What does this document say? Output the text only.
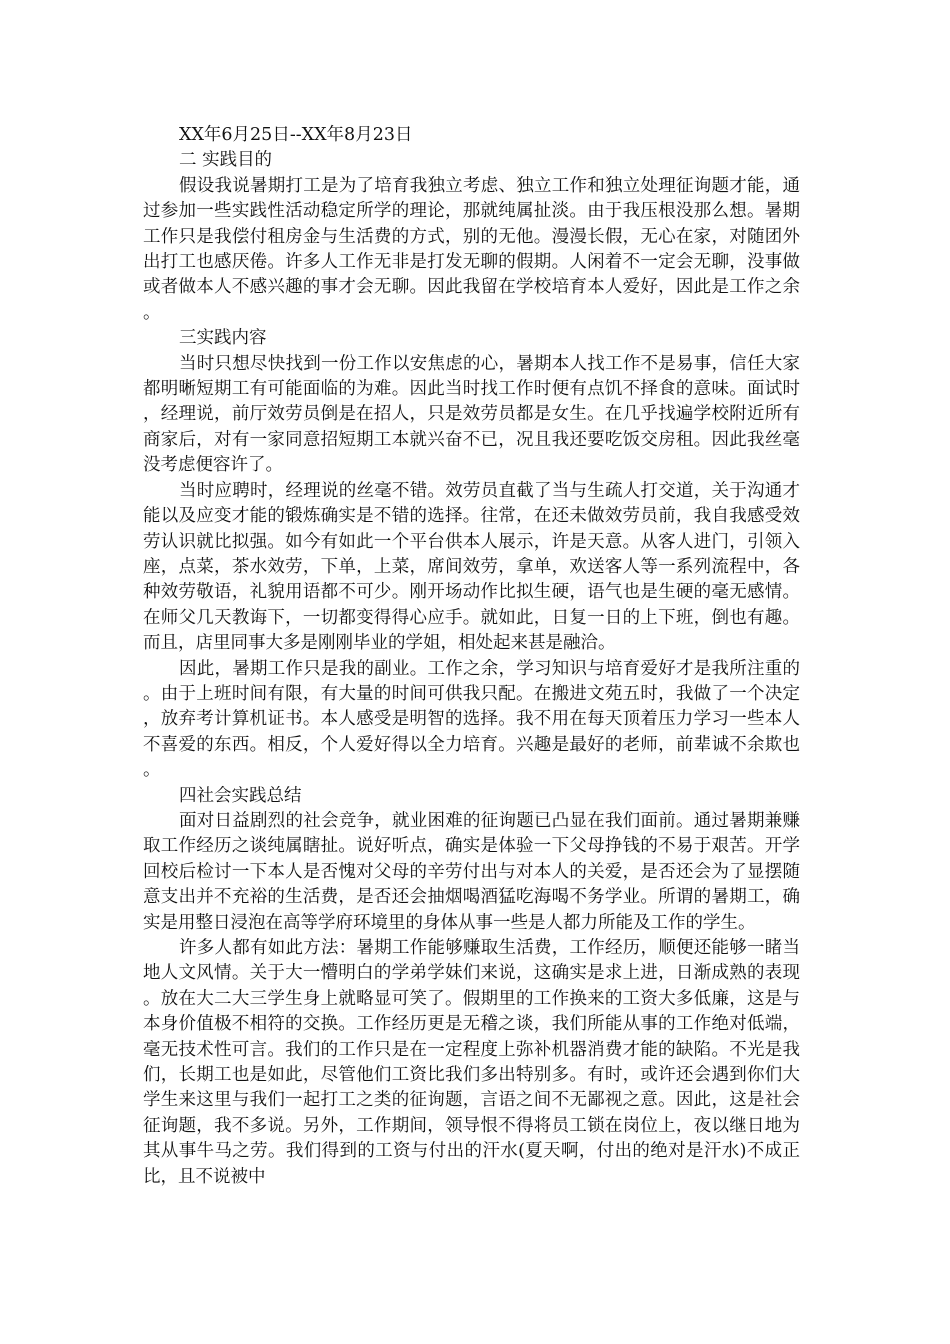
XX年6月25日--XX年8月23日

二 实践目的

假设我说暑期打工是为了培育我独立考虑、独立工作和独立处理征询题才能，通过参加一些实践性活动稳定所学的理论，那就纯属扯淡。由于我压根没那么想。暑期工作只是我偿付租房金与生活费的方式，别的无他。漫漫长假，无心在家，对随团外出打工也感厌倦。许多人工作无非是打发无聊的假期。人闲着不一定会无聊，没事做或者做本人不感兴趣的事才会无聊。因此我留在学校培育本人爱好，因此是工作之余。

三实践内容

当时只想尽快找到一份工作以安焦虑的心，暑期本人找工作不是易事，信任大家都明晰短期工有可能面临的为难。因此当时找工作时便有点饥不择食的意味。面试时，经理说，前厅效劳员倒是在招人，只是效劳员都是女生。在几乎找遍学校附近所有商家后，对有一家同意招短期工本就兴奋不已，况且我还要吃饭交房租。因此我丝毫没考虑便容许了。

当时应聘时，经理说的丝毫不错。效劳员直截了当与生疏人打交道，关于沟通才能以及应变才能的锻炼确实是不错的选择。往常，在还未做效劳员前，我自我感受效劳认识就比拟强。如今有如此一个平台供本人展示，许是天意。从客人进门，引领入座，点菜，茶水效劳，下单，上菜，席间效劳，拿单，欢送客人等一系列流程中，各种效劳敬语，礼貌用语都不可少。刚开场动作比拟生硬，语气也是生硬的毫无感情。在师父几天教诲下，一切都变得得心应手。就如此，日复一日的上下班，倒也有趣。而且，店里同事大多是刚刚毕业的学姐，相处起来甚是融洽。

因此，暑期工作只是我的副业。工作之余，学习知识与培育爱好才是我所注重的。由于上班时间有限，有大量的时间可供我只配。在搬进文苑五时，我做了一个决定，放弃考计算机证书。本人感受是明智的选择。我不用在每天顶着压力学习一些本人不喜爱的东西。相反，个人爱好得以全力培育。兴趣是最好的老师，前辈诚不余欺也。

四社会实践总结

面对日益剧烈的社会竞争，就业困难的征询题已凸显在我们面前。通过暑期兼赚取工作经历之谈纯属瞎扯。说好听点，确实是体验一下父母挣钱的不易于艰苦。开学回校后检讨一下本人是否愧对父母的辛劳付出与对本人的关爱，是否还会为了显摆随意支出并不充裕的生活费，是否还会抽烟喝酒猛吃海喝不务学业。所谓的暑期工，确实是用整日浸泡在高等学府环境里的身体从事一些是人都力所能及工作的学生。

许多人都有如此方法：暑期工作能够赚取生活费，工作经历，顺便还能够一睹当地人文风情。关于大一懵明白的学弟学妹们来说，这确实是求上进，日渐成熟的表现。放在大二大三学生身上就略显可笑了。假期里的工作换来的工资大多低廉，这是与本身价值极不相符的交换。工作经历更是无稽之谈，我们所能从事的工作绝对低端，毫无技术性可言。我们的工作只是在一定程度上弥补机器消费才能的缺陷。不光是我们，长期工也是如此，尽管他们工资比我们多出特别多。有时，或许还会遇到你们大学生来这里与我们一起打工之类的征询题，言语之间不无鄙视之意。因此，这是社会征询题，我不多说。另外，工作期间，领导恨不得将员工锁在岗位上，夜以继日地为其从事牛马之劳。我们得到的工资与付出的汗水(夏天啊，付出的绝对是汗水)不成正比，且不说被中
